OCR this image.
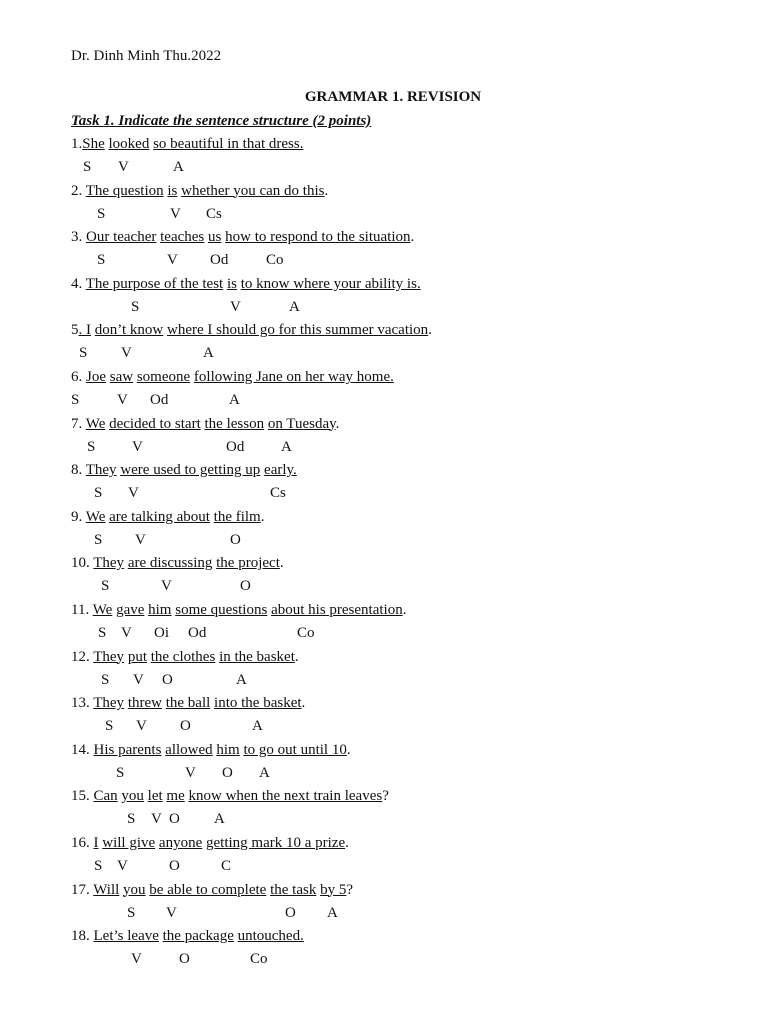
Dr. Dinh Minh Thu.2022
GRAMMAR 1. REVISION
Task 1. Indicate the sentence structure (2 points)
1.She looked so beautiful in that dress.
S V	A
2. The question is whether you can do this.
S	V Cs
3. Our teacher teaches us how to respond to the situation.
S	V Od	Co
4. The purpose of the test is to know where your ability is.
S	V	A
5. I don’t know where I should go for this summer vacation.
S V	A
6. Joe saw someone following Jane on her way home.
S	V Od	A
7. We decided to start the lesson on Tuesday.
S V	Od A
8. They were used to getting up early.
S V	Cs
9. We are talking about the film.
S V	O
10. They are discussing the project.
S	V	O
11. We gave him some questions about his presentation.
S V Oi Od	Co
12. They put the clothes in the basket.
S V O	A
13. They threw the ball into the basket.
S V O	A
14. His parents allowed him to go out until 10.
S	V O A
15. Can you let me know when the next train leaves?
S V O A
16. I will give anyone getting mark 10 a prize.
S V	O	C
17. Will you be able to complete the task by 5?
S V	O A
18. Let’s leave the package untouched.
V O	Co
